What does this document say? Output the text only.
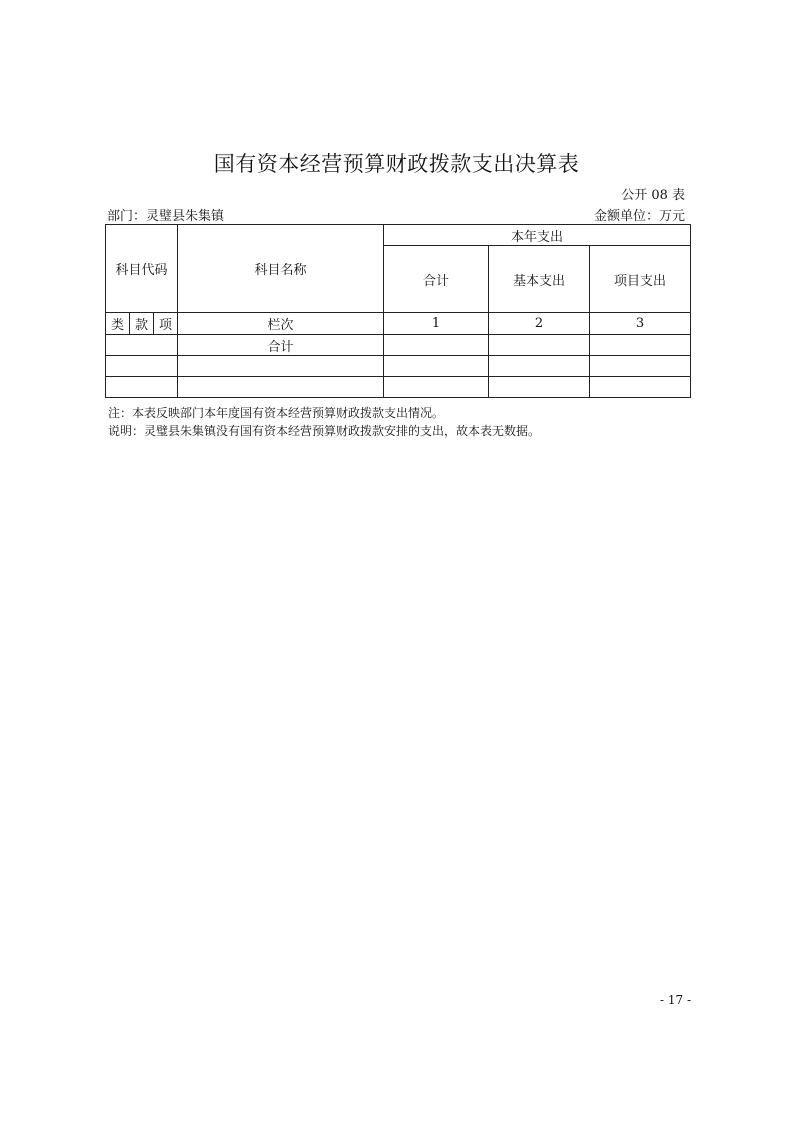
国有资本经营预算财政拨款支出决算表
公开 08 表
部门：灵璧县朱集镇	金额单位：万元
科目代码			科目名称	本年支出		
				合计	基本支出	项目支出
类	款	项	栏次	1	2	3
			合计			

注：本表反映部门本年度国有资本经营预算财政拨款支出情况。
说明：灵璧县朱集镇没有国有资本经营预算财政拨款安排的支出，故本表无数据。
- 17 -
